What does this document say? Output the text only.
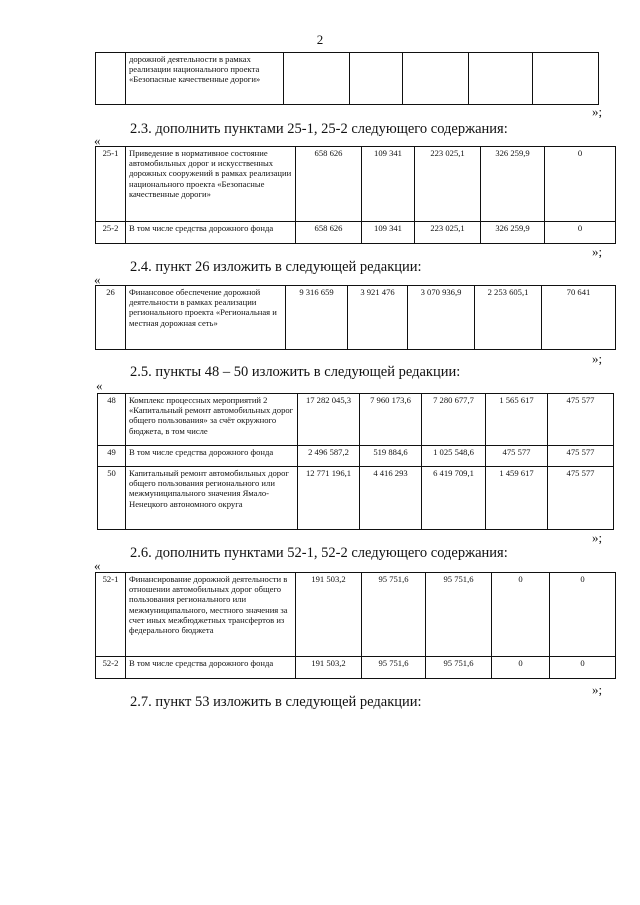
2
	дорожной деятельности в рамках реализации национального проекта «Безопасные качественные дороги»					
»;
2.3. дополнить пунктами 25-1, 25-2 следующего содержания:
«
25-1	Приведение в нормативное состояние автомобильных дорог и искусственных дорожных сооружений в рамках реализации национального проекта «Безопасные качественные дороги»	658 626	109 341	223 025,1	326 259,9	0
25-2	В том числе средства дорожного фонда	658 626	109 341	223 025,1	326 259,9	0
»;
2.4. пункт 26 изложить в следующей редакции:
«
26	Финансовое обеспечение дорожной деятельности в рамках реализации регионального проекта «Региональная и местная дорожная сеть»	9 316 659	3 921 476	3 070 936,9	2 253 605,1	70 641
»;
2.5. пункты 48 – 50 изложить в следующей редакции:
«
48	Комплекс процессных мероприятий 2 «Капитальный ремонт автомобильных дорог общего пользования» за счёт окружного бюджета, в том числе	17 282 045,3	7 960 173,6	7 280 677,7	1 565 617	475 577
49	В том числе средства дорожного фонда	2 496 587,2	519 884,6	1 025 548,6	475 577	475 577
50	Капитальный ремонт автомобильных дорог общего пользования регионального или межмуниципального значения Ямало-Ненецкого автономного округа	12 771 196,1	4 416 293	6 419 709,1	1 459 617	475 577
»;
2.6. дополнить пунктами 52-1, 52-2 следующего содержания:
«
52-1	Финансирование дорожной деятельности в отношении автомобильных дорог общего пользования регионального или межмуниципального, местного значения за счет иных межбюджетных трансфертов из федерального бюджета	191 503,2	95 751,6	95 751,6	0	0
52-2	В том числе средства дорожного фонда	191 503,2	95 751,6	95 751,6	0	0
»;
2.7. пункт 53 изложить в следующей редакции:
